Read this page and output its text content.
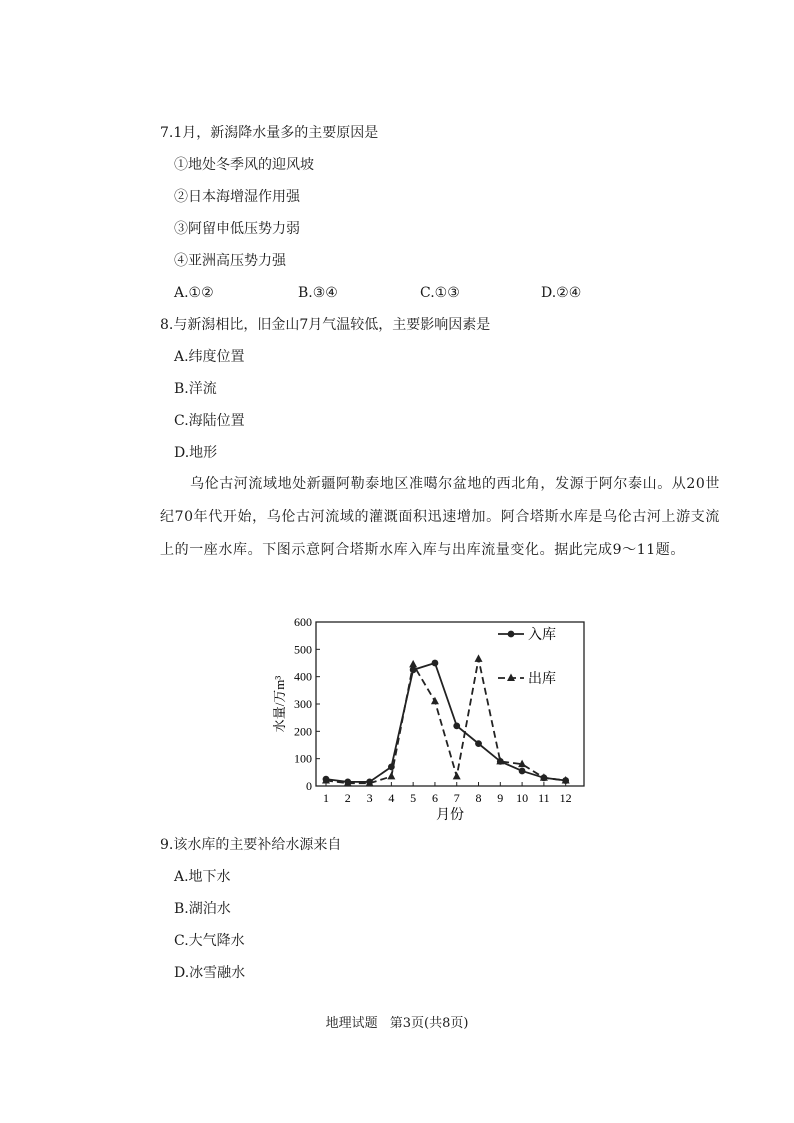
7.1月，新潟降水量多的主要原因是
①地处冬季风的迎风坡
②日本海增湿作用强
③阿留申低压势力弱
④亚洲高压势力强
A.①②	B.③④	C.①③	D.②④
8.与新潟相比，旧金山7月气温较低，主要影响因素是
A.纬度位置
B.洋流
C.海陆位置
D.地形
乌伦古河流域地处新疆阿勒泰地区准噶尔盆地的西北角，发源于阿尔泰山。从20世纪70年代开始，乌伦古河流域的灌溉面积迅速增加。阿合塔斯水库是乌伦古河上游支流上的一座水库。下图示意阿合塔斯水库入库与出库流量变化。据此完成9～11题。
0
100
200
300
400
500
600
1 2 3 4 5 6 7 8 9 10 11 12
入库
出库
月份
水量/万m³
9.该水库的主要补给水源来自
A.地下水
B.湖泊水
C.大气降水
D.冰雪融水
地理试题 第3页(共8页)
